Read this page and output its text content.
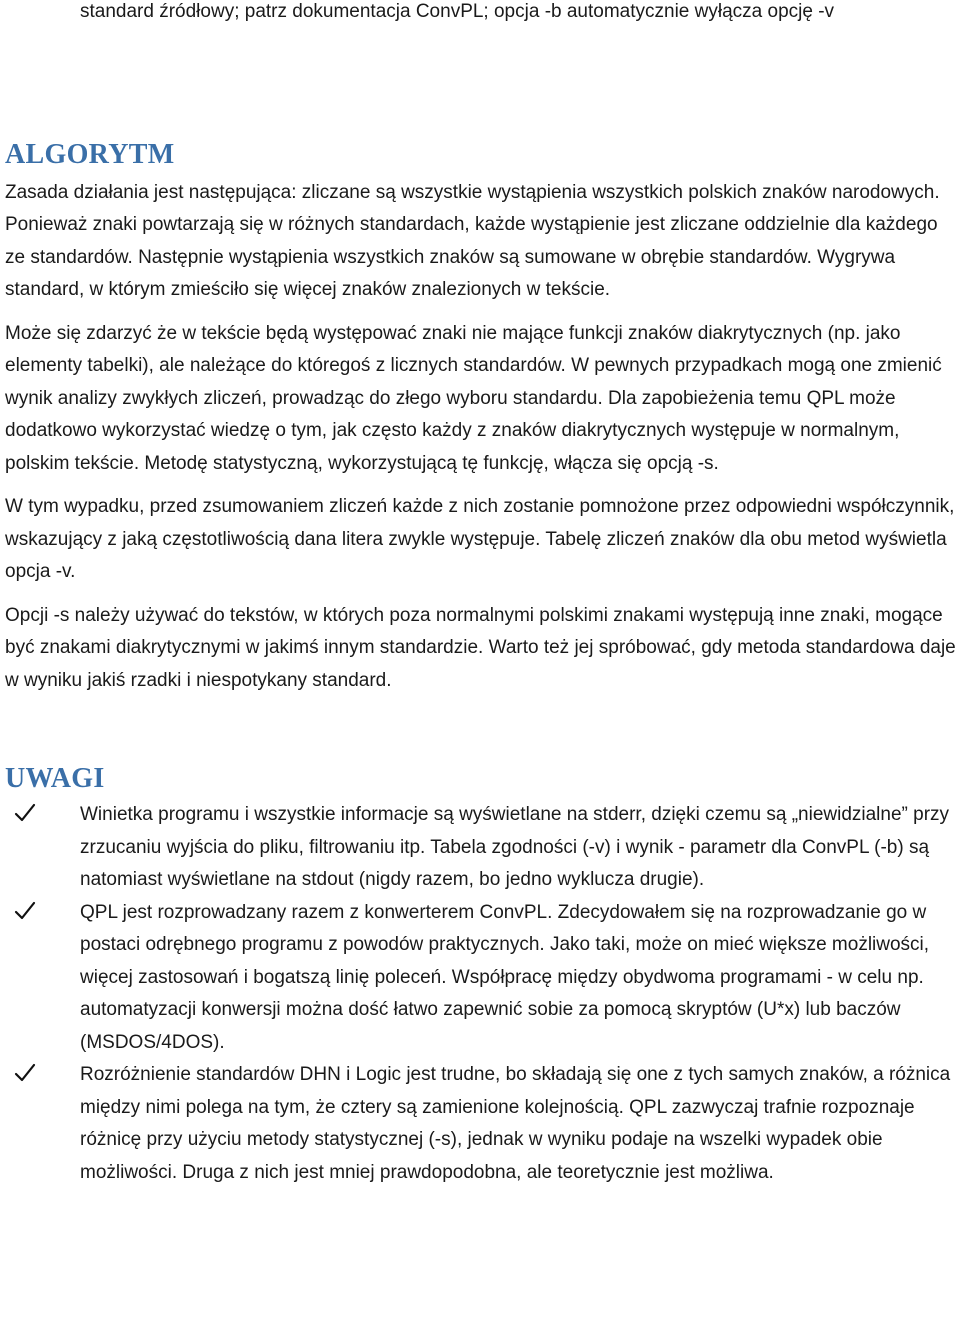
standard źródłowy; patrz dokumentacja ConvPL; opcja -b automatycznie wyłącza opcję -v

ALGORYTM

Zasada działania jest następująca: zliczane są wszystkie wystąpienia wszystkich polskich znaków narodowych. Ponieważ znaki powtarzają się w różnych standardach, każde wystąpienie jest zliczane oddzielnie dla każdego ze standardów. Następnie wystąpienia wszystkich znaków są sumowane w obrębie standardów. Wygrywa standard, w którym zmieściło się więcej znaków znalezionych w tekście.

Może się zdarzyć że w tekście będą występować znaki nie mające funkcji znaków diakrytycznych (np. jako elementy tabelki), ale należące do któregoś z licznych standardów. W pewnych przypadkach mogą one zmienić wynik analizy zwykłych zliczeń, prowadząc do złego wyboru standardu. Dla zapobieżenia temu QPL może dodatkowo wykorzystać wiedzę o tym, jak często każdy z znaków diakrytycznych występuje w normalnym, polskim tekście. Metodę statystyczną, wykorzystującą tę funkcję, włącza się opcją -s.

W tym wypadku, przed zsumowaniem zliczeń każde z nich zostanie pomnożone przez odpowiedni współczynnik, wskazujący z jaką częstotliwością dana litera zwykle występuje. Tabelę zliczeń znaków dla obu metod wyświetla opcja -v.

Opcji -s należy używać do tekstów, w których poza normalnymi polskimi znakami występują inne znaki, mogące być znakami diakrytycznymi w jakimś innym standardzie. Warto też jej spróbować, gdy metoda standardowa daje w wyniku jakiś rzadki i niespotykany standard.

UWAGI
Winietka programu i wszystkie informacje są wyświetlane na stderr, dzięki czemu są „niewidzialne” przy zrzucaniu wyjścia do pliku, filtrowaniu itp. Tabela zgodności (-v) i wynik - parametr dla ConvPL (-b) są natomiast wyświetlane na stdout (nigdy razem, bo jedno wyklucza drugie).
QPL jest rozprowadzany razem z konwerterem ConvPL. Zdecydowałem się na rozprowadzanie go w postaci odrębnego programu z powodów praktycznych. Jako taki, może on mieć większe możliwości, więcej zastosowań i bogatszą linię poleceń. Współpracę między obydwoma programami - w celu np. automatyzacji konwersji można dość łatwo zapewnić sobie za pomocą skryptów (U*x) lub baczów (MSDOS/4DOS).
Rozróżnienie standardów DHN i Logic jest trudne, bo składają się one z tych samych znaków, a różnica między nimi polega na tym, że cztery są zamienione kolejnością. QPL zazwyczaj trafnie rozpoznaje różnicę przy użyciu metody statystycznej (-s), jednak w wyniku podaje na wszelki wypadek obie możliwości. Druga z nich jest mniej prawdopodobna, ale teoretycznie jest możliwa.
